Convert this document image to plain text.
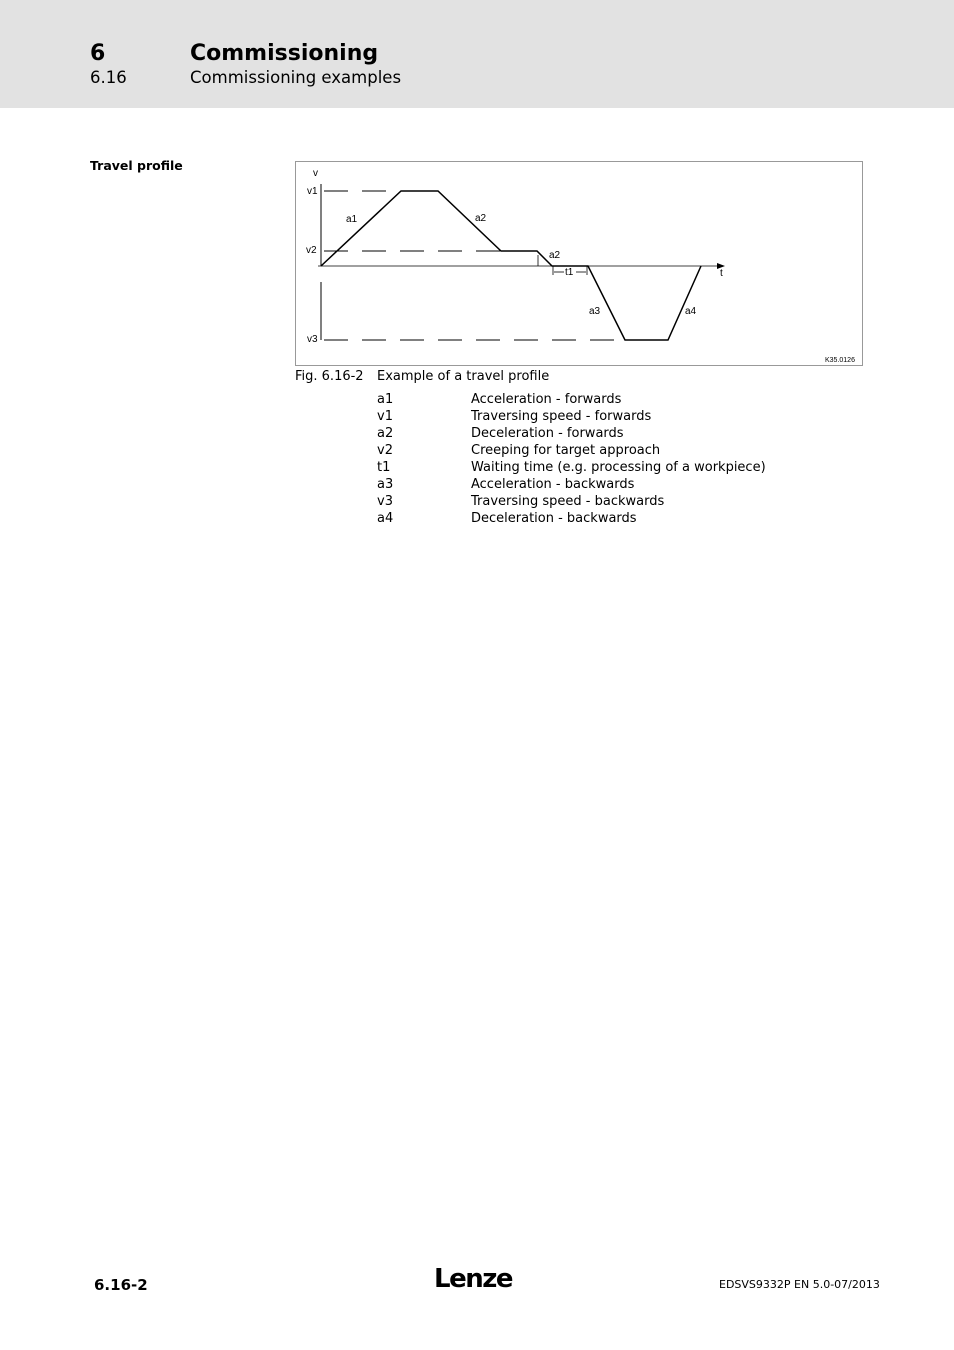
6	Commissioning
6.16	Commissioning examples
Travel profile
v
t
v1
v2
v3
a1	a2
a2
t1
a3	a4
K35.0126
Fig. 6.16-2 Example of a travel profile
a1	Acceleration - forwards
v1	Traversing speed - forwards
a2	Deceleration - forwards
v2	Creeping for target approach
t1	Waiting time (e.g. processing of a workpiece)
a3	Acceleration - backwards
v3	Traversing speed - backwards
a4	Deceleration - backwards
6.16-2	Lenze	EDSVS9332P EN 5.0-07/2013
